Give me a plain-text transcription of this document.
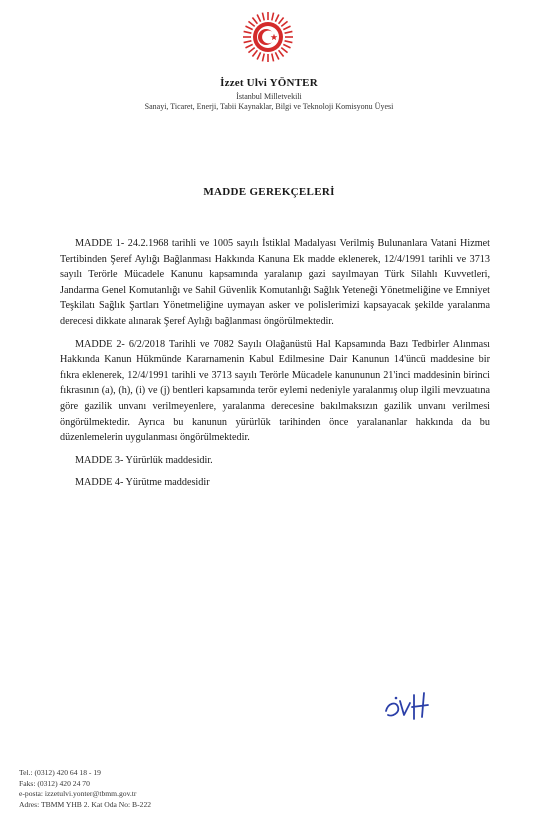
İzzet Ulvi YÖNTER
İstanbul Milletvekili
Sanayi, Ticaret, Enerji, Tabii Kaynaklar, Bilgi ve Teknoloji Komisyonu Üyesi
MADDE GEREKÇELERİ

MADDE 1- 24.2.1968 tarihli ve 1005 sayılı İstiklal Madalyası Verilmiş Bulunanlara Vatani Hizmet Tertibinden Şeref Aylığı Bağlanması Hakkında Kanuna Ek madde eklenerek, 12/4/1991 tarihli ve 3713 sayılı Terörle Mücadele Kanunu kapsamında yaralanıp gazi sayılmayan Türk Silahlı Kuvvetleri, Jandarma Genel Komutanlığı ve Sahil Güvenlik Komutanlığı Sağlık Yeteneği Yönetmeliğine ve Emniyet Teşkilatı Sağlık Şartları Yönetmeliğine uymayan asker ve polislerimizi kapsayacak şekilde yaralanma derecesi dikkate alınarak Şeref Aylığı bağlanması öngörülmektedir.

MADDE 2- 6/2/2018 Tarihli ve 7082 Sayılı Olağanüstü Hal Kapsamında Bazı Tedbirler Alınması Hakkında Kanun Hükmünde Kararnamenin Kabul Edilmesine Dair Kanunun 14'üncü maddesine bir fıkra eklenerek, 12/4/1991 tarihli ve 3713 sayılı Terörle Mücadele kanununun 21'inci maddesinin birinci fıkrasının (a), (h), (i) ve (j) bentleri kapsamında terör eylemi nedeniyle yaralanmış olup ilgili mevzuatına göre gazilik unvanı verilmeyenlere, yaralanma derecesine bakılmaksızın gazilik unvanı verilmesi öngörülmektedir. Ayrıca bu kanunun yürürlük tarihinden önce yaralananlar hakkında da bu düzenlemelerin uygulanması öngörülmektedir.

MADDE 3- Yürürlük maddesidir.

MADDE 4- Yürütme maddesidir

Tel.: (0312) 420 64 18 - 19
Faks: (0312) 420 24 70
e-posta: izzetulvi.yonter@tbmm.gov.tr
Adres: TBMM YHB 2. Kat Oda No: B-222
